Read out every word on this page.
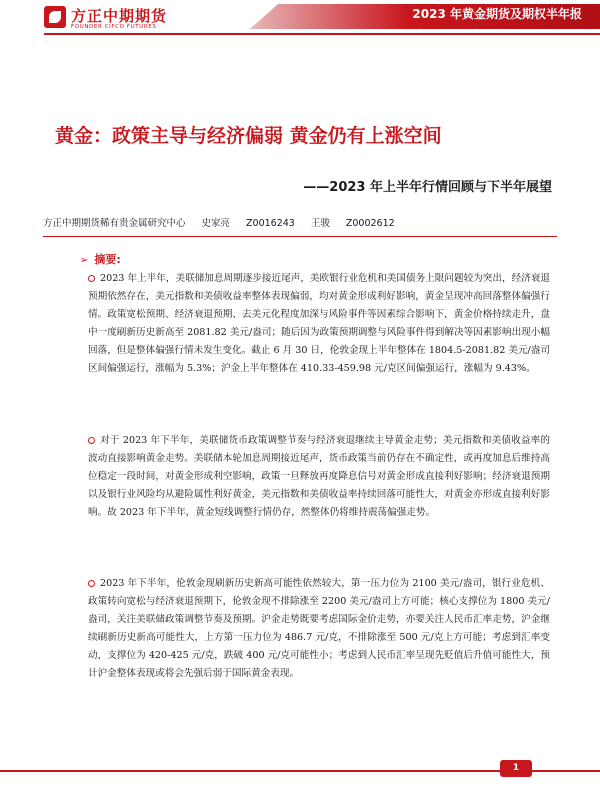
方正中期期货
FOUNDER CIFCO FUTURES
2023 年黄金期货及期权半年报
黄金：政策主导与经济偏弱 黄金仍有上涨空间
——2023 年上半年行情回顾与下半年展望
方正中期期货稀有贵金属研究中心 史家亮 Z0016243 王骏 Z0002612
➢ 摘要:
2023 年上半年，美联储加息周期逐步接近尾声，美欧银行业危机和美国债务上限问题较为突出，经济衰退预期依然存在，美元指数和美债收益率整体表现偏弱，均对黄金形成利好影响，黄金呈现冲高回落整体偏强行情。政策宽松预期、经济衰退预期、去美元化程度加深与风险事件等因素综合影响下，黄金价格持续走升，盘中一度刷新历史新高至 2081.82 美元/盎司；随后因为政策预期调整与风险事件得到解决等因素影响出现小幅回落，但是整体偏强行情未发生变化。截止 6 月 30 日，伦敦金现上半年整体在 1804.5-2081.82 美元/盎司区间偏强运行，涨幅为 5.3%；沪金上半年整体在 410.33-459.98 元/克区间偏强运行，涨幅为 9.43%。
对于 2023 年下半年，美联储货币政策调整节奏与经济衰退继续主导黄金走势；美元指数和美债收益率的波动直接影响黄金走势。美联储本轮加息周期接近尾声，货币政策当前仍存在不确定性，或再度加息后维持高位稳定一段时间，对黄金形成利空影响，政策一旦释放再度降息信号对黄金形成直接利好影响；经济衰退预期以及银行业风险均从避险属性利好黄金，美元指数和美债收益率持续回落可能性大，对黄金亦形成直接利好影响。故 2023 年下半年，黄金短线调整行情仍存，然整体仍将维持震荡偏强走势。
2023 年下半年，伦敦金现刷新历史新高可能性依然较大，第一压力位为 2100 美元/盎司，银行业危机、政策转向宽松与经济衰退预期下，伦敦金现不排除涨至 2200 美元/盎司上方可能；核心支撑位为 1800 美元/盎司，关注美联储政策调整节奏及预期。沪金走势既要考虑国际金价走势，亦要关注人民币汇率走势，沪金继续刷新历史新高可能性大，上方第一压力位为 486.7 元/克，不排除涨至 500 元/克上方可能；考虑到汇率变动，支撑位为 420-425 元/克，跌破 400 元/克可能性小；考虑到人民币汇率呈现先贬值后升值可能性大，预计沪金整体表现或将会先强后弱于国际黄金表现。
1
